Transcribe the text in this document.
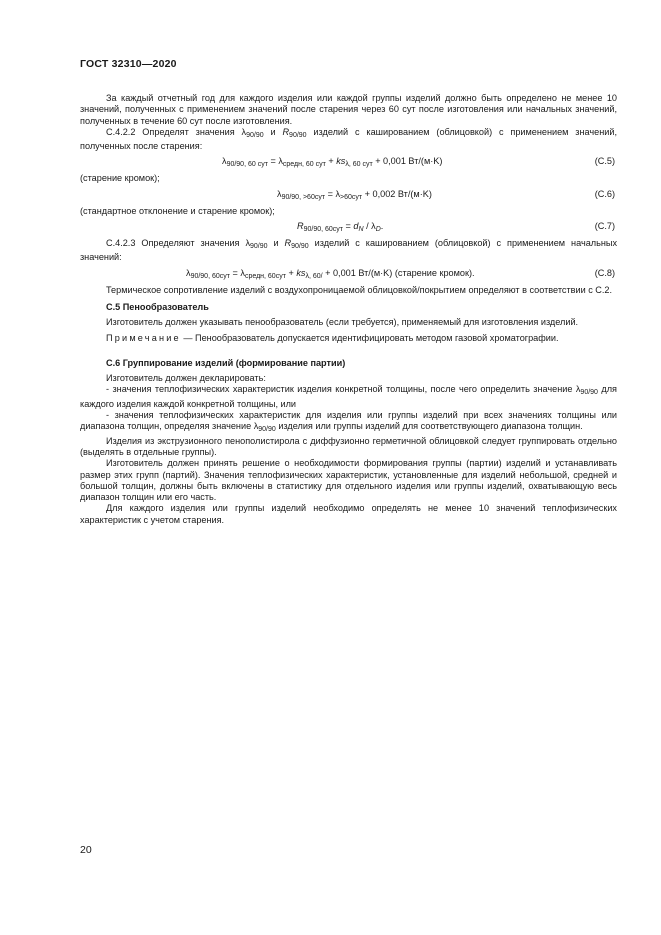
ГОСТ 32310—2020

За каждый отчетный год для каждого изделия или каждой группы изделий должно быть определено не менее 10 значений, полученных с применением значений после старения через 60 сут после изготовления или начальных значений, полученных в течение 60 сут после изготовления.

С.4.2.2 Определят значения $\lambda_{90/90}$ и $R_{90/90}$ изделий с кашированием (облицовкой) с применением значений, полученных после старения:

$\lambda_{90/90, 60 сут} = \lambda_{средн, 60 сут} + ks_{\lambda, 60 сут} + 0,001$ Вт/(м·K)	(С.5)

(старение кромок);

$\lambda_{90/90, >60сут} = \lambda_{>60сут} + 0,002$ Вт/(м·K)	(С.6)

(стандартное отклонение и старение кромок);

$R_{90/90, 60сут} = d_N / \lambda_D$.	(С.7)

С.4.2.3 Определяют значения $\lambda_{90/90}$ и $R_{90/90}$ изделий с кашированием (облицовкой) с применением начальных значений:

$\lambda_{90/90, 60сут} = \lambda_{средн, 60сут} + ks_{\lambda, 60/} + 0,001$ Вт/(м·K) (старение кромок).	(С.8)

Термическое сопротивление изделий с воздухопроницаемой облицовкой/покрытием определяют в соответствии с С.2.

С.5 Пенообразователь

Изготовитель должен указывать пенообразователь (если требуется), применяемый для изготовления изделий.

Примечание — Пенообразователь допускается идентифицировать методом газовой хроматографии.

С.6 Группирование изделий (формирование партии)

Изготовитель должен декларировать:

- значения теплофизических характеристик изделия конкретной толщины, после чего определить значение $\lambda_{90/90}$ для каждого изделия каждой конкретной толщины, или

- значения теплофизических характеристик для изделия или группы изделий при всех значениях толщины или диапазона толщин, определяя значение $\lambda_{90/90}$ изделия или группы изделий для соответствующего диапазона толщин.

Изделия из экструзионного пенополистирола с диффузионно герметичной облицовкой следует группировать отдельно (выделять в отдельные группы).

Изготовитель должен принять решение о необходимости формирования группы (партии) изделий и устанавливать размер этих групп (партий). Значения теплофизических характеристик, установленные для изделий небольшой, средней и большой толщин, должны быть включены в статистику для отдельного изделия или группы изделий, охватывающую весь диапазон толщин или его часть.

Для каждого изделия или группы изделий необходимо определять не менее 10 значений теплофизических характеристик с учетом старения.

20
